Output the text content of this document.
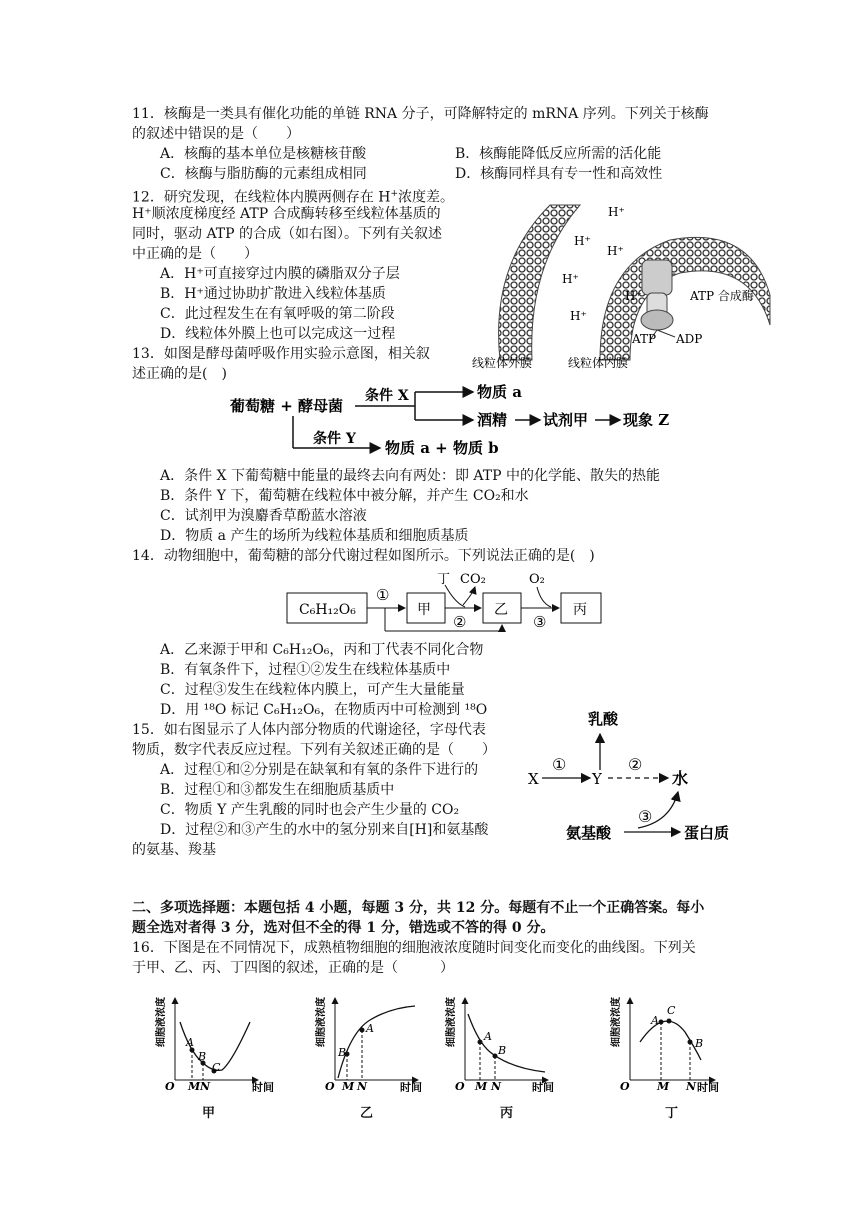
11．核酶是一类具有催化功能的单链 RNA 分子，可降解特定的 mRNA 序列。下列关于核酶
的叙述中错误的是（　　）
A．核酶的基本单位是核糖核苷酸	B．核酶能降低反应所需的活化能
C．核酶与脂肪酶的元素组成相同	D．核酶同样具有专一性和高效性
12．研究发现，在线粒体内膜两侧存在 H+浓度差。
H⁺顺浓度梯度经 ATP 合成酶转移至线粒体基质的
同时，驱动 ATP 的合成（如右图）。下列有关叙述
中正确的是（　　）
A．H⁺可直接穿过内膜的磷脂双分子层
B．H⁺通过协助扩散进入线粒体基质
C．此过程发生在有氧呼吸的第二阶段
D．线粒体外膜上也可以完成这一过程
H⁺
H⁺
H⁺
H⁺
H⁺
H⁺	ATP 合成酶
ATP ADP
线粒体外膜	线粒体内膜
13．如图是酵母菌呼吸作用实验示意图，相关叙
述正确的是(　)
葡萄糖 + 酵母菌
条件 X	物质 a
酒精 试剂甲 现象 Z
条件 Y 物质 a + 物质 b
A．条件 X 下葡萄糖中能量的最终去向有两处：即 ATP 中的化学能、散失的热能
B．条件 Y 下，葡萄糖在线粒体中被分解，并产生 CO₂和水
C．试剂甲为溴麝香草酚蓝水溶液
D．物质 a 产生的场所为线粒体基质和细胞质基质
14．动物细胞中，葡萄糖的部分代谢过程如图所示。下列说法正确的是(　)
C₆H₁₂O₆
①
甲
②
丁 CO₂
乙
③
O₂
丙
A．乙来源于甲和 C₆H₁₂O₆，丙和丁代表不同化合物
B．有氧条件下，过程①②发生在线粒体基质中
C．过程③发生在线粒体内膜上，可产生大量能量
D．用 ¹⁸O 标记 C₆H₁₂O₆，在物质丙中可检测到 ¹⁸O
15．如右图显示了人体内部分物质的代谢途径，字母代表
物质，数字代表反应过程。下列有关叙述正确的是（　　）
A．过程①和②分别是在缺氧和有氧的条件下进行的
B．过程①和③都发生在细胞质基质中
C．物质 Y 产生乳酸的同时也会产生少量的 CO₂
D．过程②和③产生的水中的氢分别来自[H]和氨基酸
的氨基、羧基
乳酸
X
①
Y
②
水
③
氨基酸	蛋白质
二、多项选择题：本题包括 4 小题，每题 3 分，共 12 分。每题有不止一个正确答案。每小
题全选对者得 3 分，选对但不全的得 1 分，错选或不答的得 0 分。
16．下图是在不同情况下，成熟植物细胞的细胞液浓度随时间变化而变化的曲线图。下列关
于甲、乙、丙、丁四图的叙述，正确的是（　　　）
细胞液浓度
时间
O
A
B
C
M N
细胞液浓度
时间
O
B
A
M N
细胞液浓度
时间
O
A
B
M N
细胞液浓度
时间
O
A
C
B
M N
甲	乙	丙	丁
